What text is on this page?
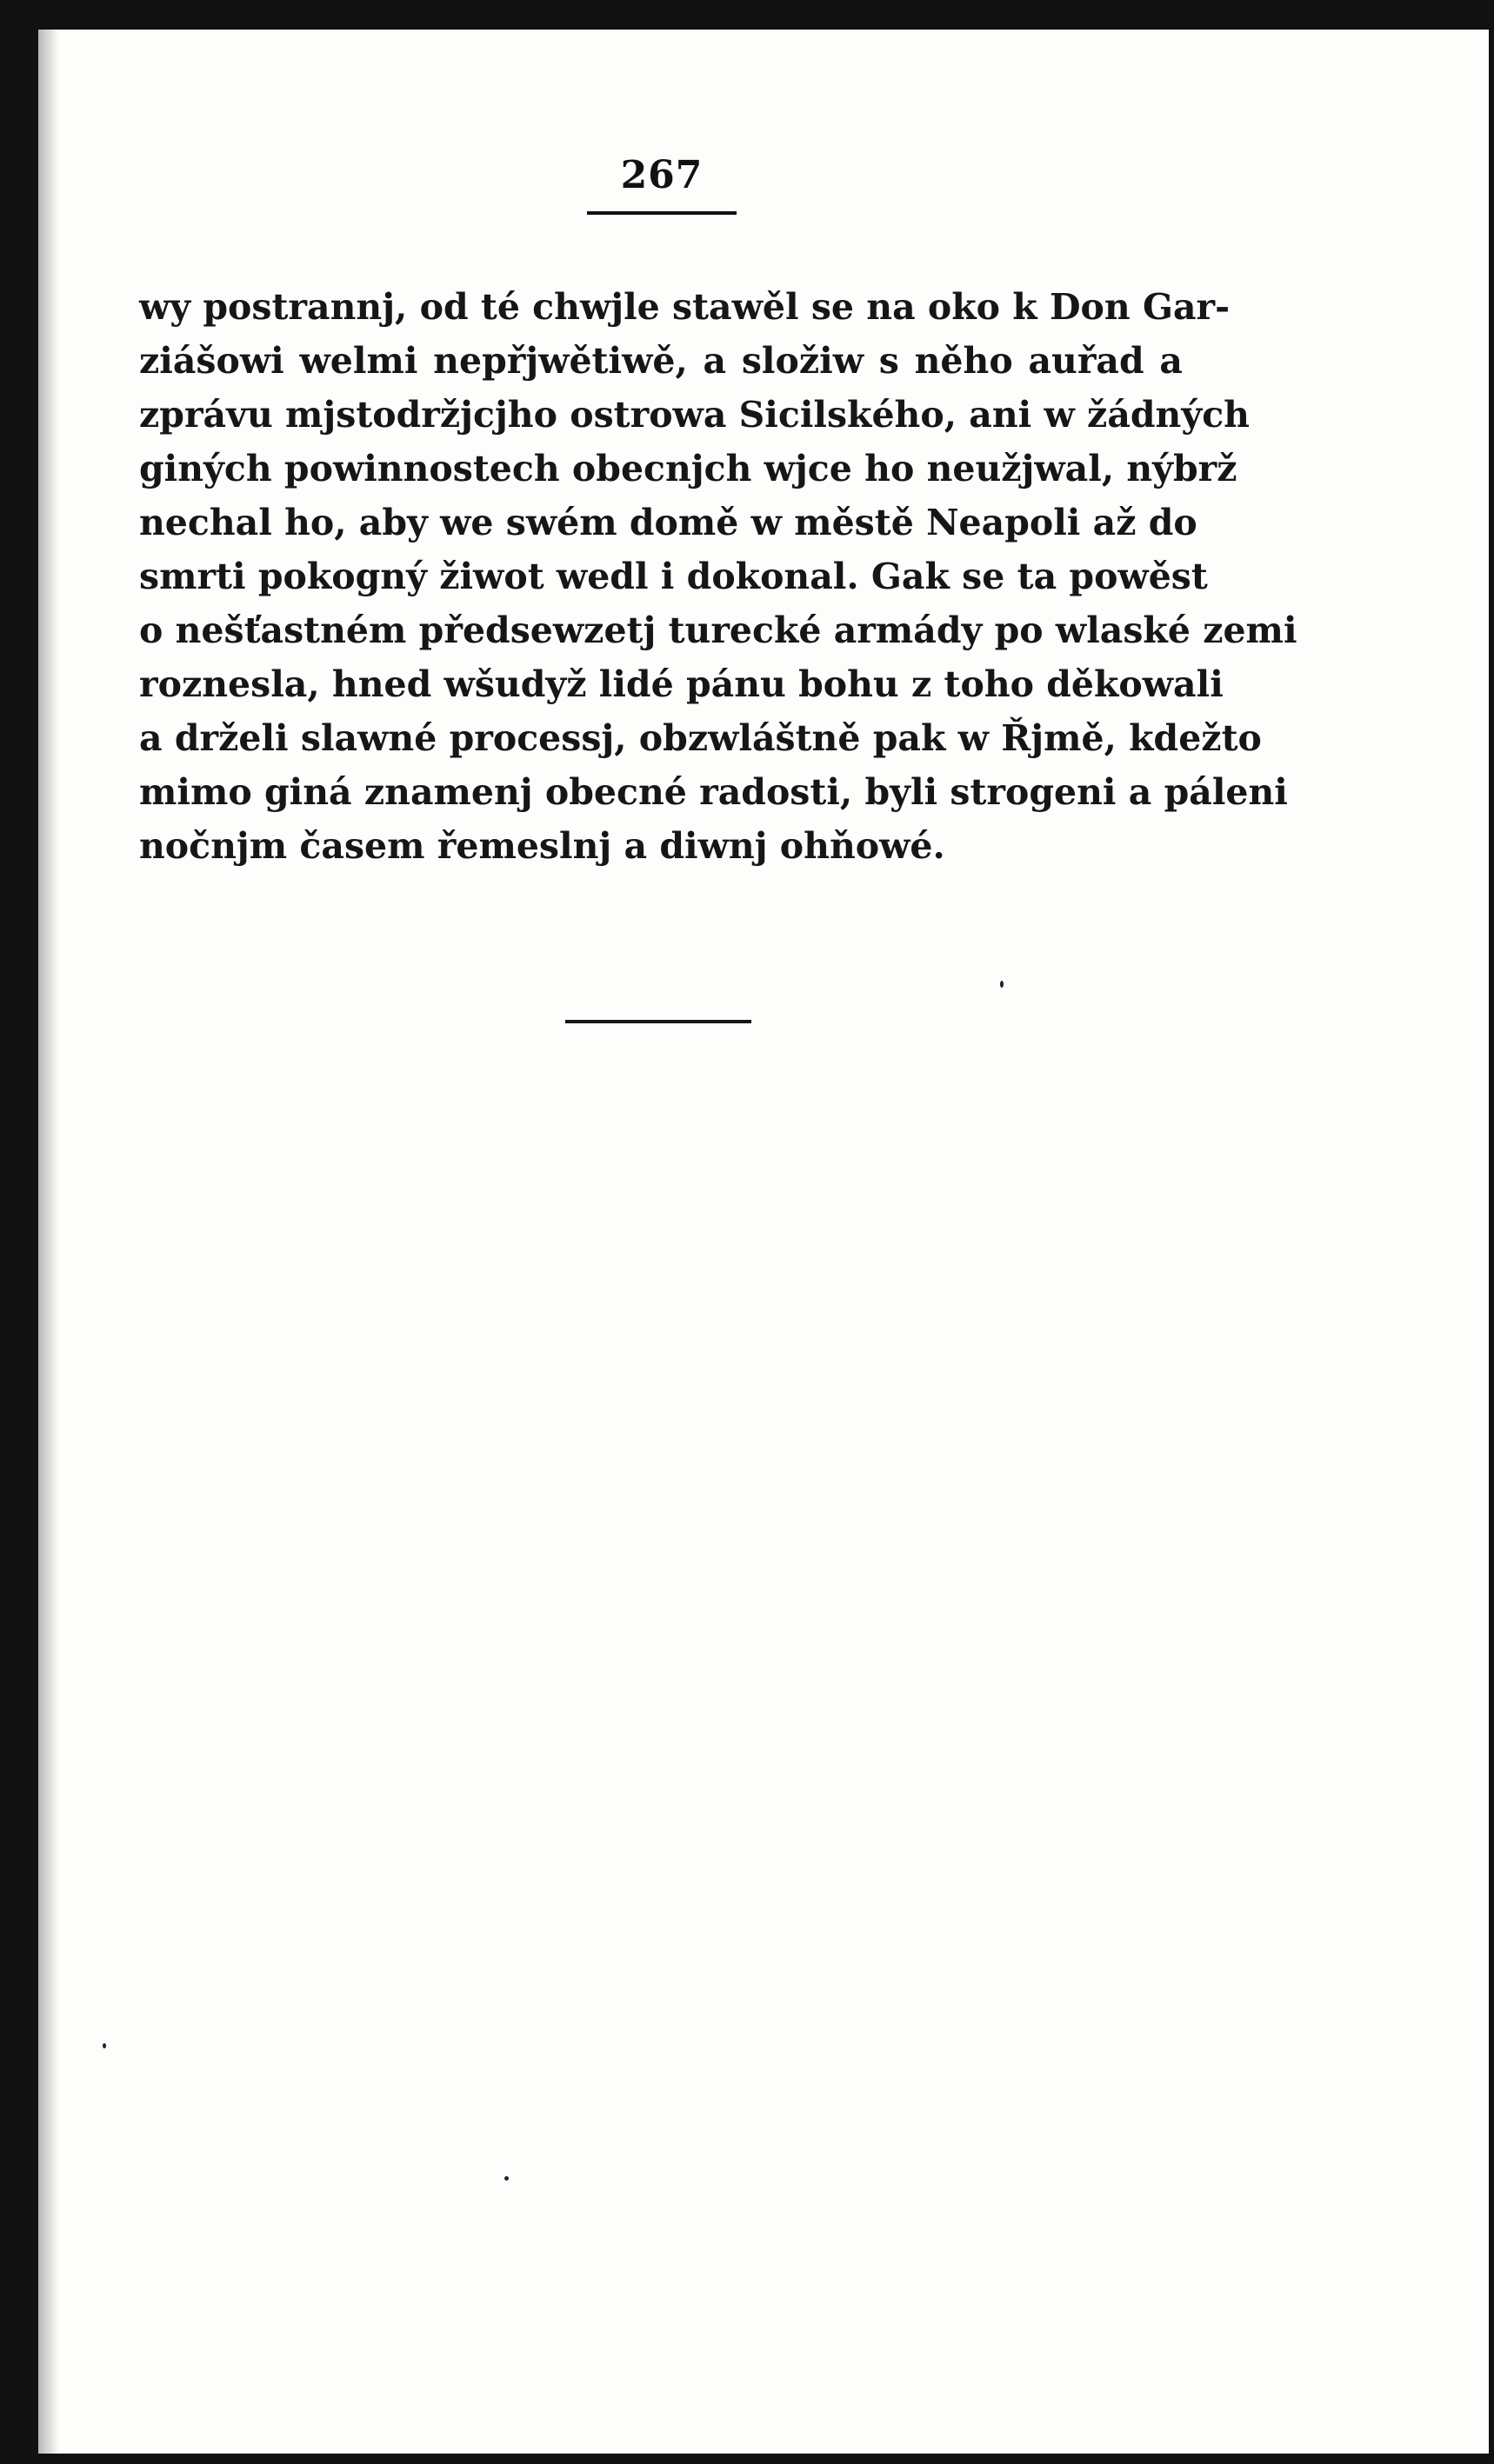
267
wy postrannj, od té chwjle stawěl se na oko k Don Gar-
ziášowi welmi nepřjwětiwě, a složiw s něho auřad a
zprávu mjstodržjcjho ostrowa Sicilského, ani w žádných
giných powinnostech obecnjch wjce ho neužjwal, nýbrž
nechal ho, aby we swém domě w městě Neapoli až do
smrti pokogný žiwot wedl i dokonal. Gak se ta powěst
o nešťastném předsewzetj turecké armády po wlaské zemi
roznesla, hned wšudyž lidé pánu bohu z toho děkowali
a drželi slawné processj, obzwláštně pak w Řjmě, kdežto
mimo giná znamenj obecné radosti, byli strogeni a páleni
nočnjm časem řemeslnj a diwnj ohňowé.
